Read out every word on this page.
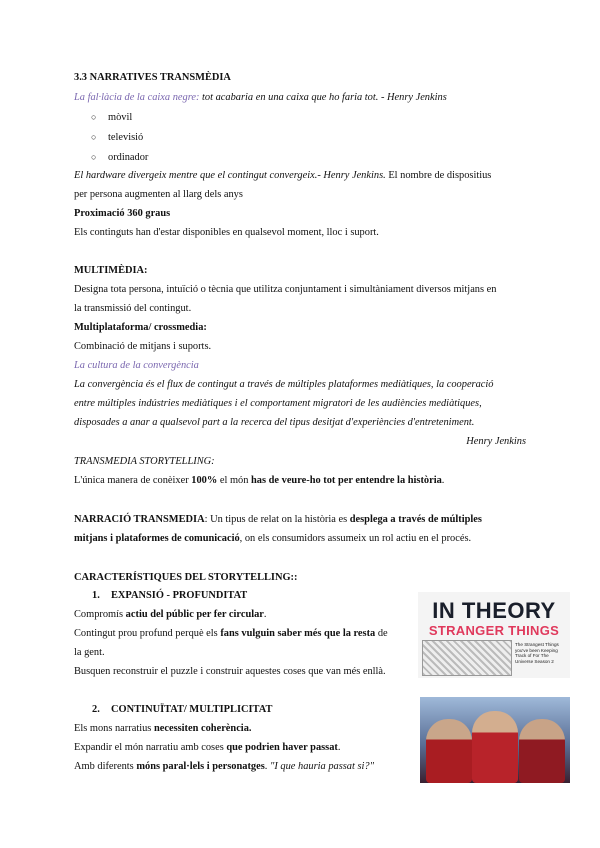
3.3 NARRATIVES TRANSMÈDIA
La fal·làcia de la caixa negre: tot acabaria en una caixa que ho faria tot. - Henry Jenkins
○ mòvil
○ televisió
○ ordinador
El hardware divergeix mentre que el contingut convergeix.- Henry Jenkins. El nombre de dispositius
per persona augmenten al llarg dels anys
Proximació 360 graus
Els continguts han d'estar disponibles en qualsevol moment, lloc i suport.
MULTIMÈDIA:
Designa tota persona, intuïció o tècnia que utilitza conjuntament i simultàniament diversos mitjans en
la transmissió del contingut.
Multiplataforma/ crossmedia:
Combinació de mitjans i suports.
La cultura de la convergència
La convergència és el flux de contingut a través de múltiples plataformes mediàtiques, la cooperació
entre múltiples indústries mediàtiques i el comportament migratori de les audiències mediàtiques,
disposades a anar a qualsevol part a la recerca del tipus desitjat d'experiències d'entreteniment.
Henry Jenkins
TRANSMEDIA STORYTELLING:
L'única manera de conèixer 100% el món has de veure-ho tot per entendre la història.
NARRACIÓ TRANSMEDIA: Un tipus de relat on la història es desplega a través de múltiples
mitjans i plataformes de comunicació, on els consumidors assumeix un rol actiu en el procés.
CARACTERÍSTIQUES DEL STORYTELLING::
1. EXPANSIÓ - PROFUNDITAT
Compromís actiu del públic per fer circular.
Contingut prou profund perquè els fans vulguin saber més que la resta de
la gent.
Busquen reconstruir el puzzle i construir aquestes coses que van més enllà.
2. CONTINUÏTAT/ MULTIPLICITAT
Els mons narratius necessiten coherència.
Expandir el món narratiu amb coses que podrien haver passat.
Amb diferents móns paral·lels i personatges. "I que hauria passat si?"
IN THEORY
STRANGER THINGS
The Strangest Things you've been Keeping Track of For The Universe Season 2
